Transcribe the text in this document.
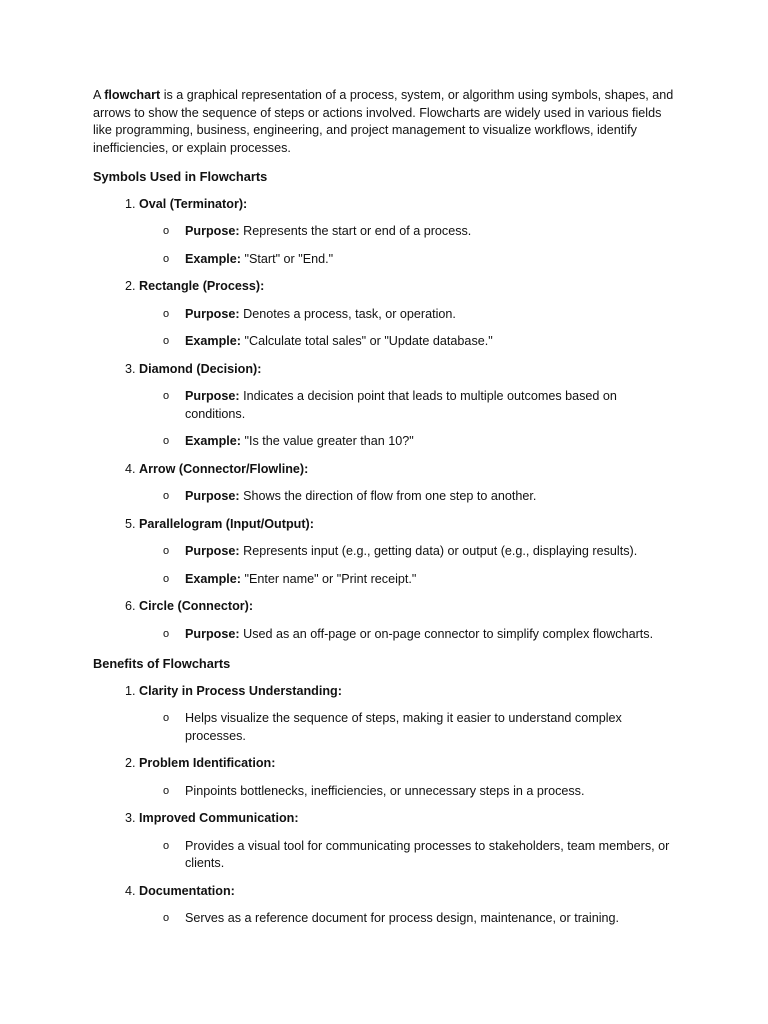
A flowchart is a graphical representation of a process, system, or algorithm using symbols, shapes, and arrows to show the sequence of steps or actions involved. Flowcharts are widely used in various fields like programming, business, engineering, and project management to visualize workflows, identify inefficiencies, or explain processes.

Symbols Used in Flowcharts
1. Oval (Terminator):
o	Purpose: Represents the start or end of a process.
o	Example: "Start" or "End."
2. Rectangle (Process):
o	Purpose: Denotes a process, task, or operation.
o	Example: "Calculate total sales" or "Update database."
3. Diamond (Decision):
o	Purpose: Indicates a decision point that leads to multiple outcomes based on conditions.
o	Example: "Is the value greater than 10?"
4. Arrow (Connector/Flowline):
o	Purpose: Shows the direction of flow from one step to another.
5. Parallelogram (Input/Output):
o	Purpose: Represents input (e.g., getting data) or output (e.g., displaying results).
o	Example: "Enter name" or "Print receipt."
6. Circle (Connector):
o	Purpose: Used as an off-page or on-page connector to simplify complex flowcharts.
Benefits of Flowcharts
1. Clarity in Process Understanding:
o	Helps visualize the sequence of steps, making it easier to understand complex processes.
2. Problem Identification:
o	Pinpoints bottlenecks, inefficiencies, or unnecessary steps in a process.
3. Improved Communication:
o	Provides a visual tool for communicating processes to stakeholders, team members, or clients.
4. Documentation:
o	Serves as a reference document for process design, maintenance, or training.
